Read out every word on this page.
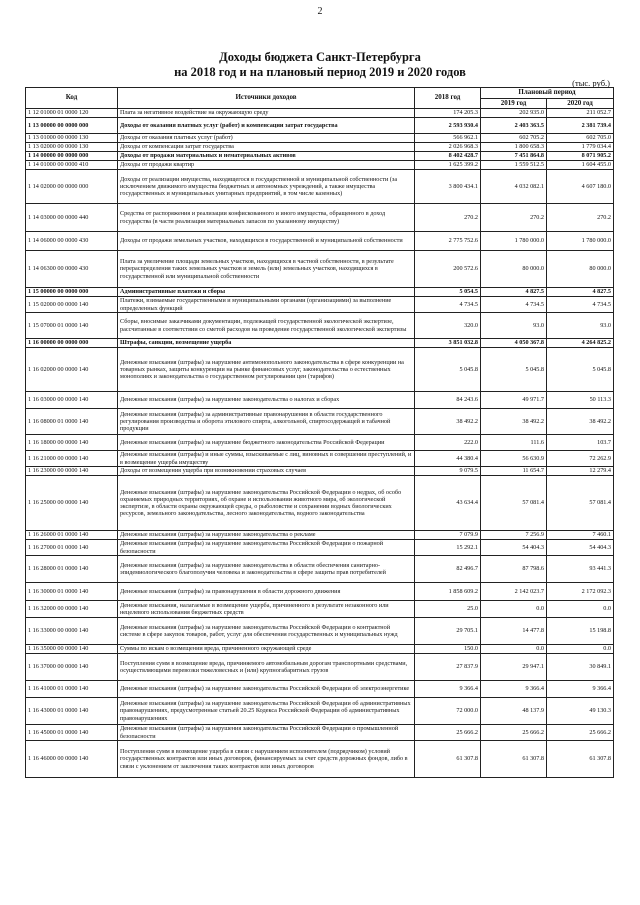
2
Доходы бюджета Санкт-Петербурга
на 2018 год и на плановый период 2019 и 2020 годов
(тыс. руб.)
Код	Источники доходов	2018 год	Плановый период	
			2019 год	2020 год
1 12 01000 01 0000 120	Плата за негативное воздействие на окружающую среду	174 205.3	202 935.0	211 052.7
1 13 00000 00 0000 000	Доходы от оказания платных услуг (работ) и компенсации затрат государства	2 593 930.4	2 403 363.5	2 381 739.4
1 13 01000 00 0000 130	Доходы от оказания платных услуг (работ)	566 962.1	602 705.2	602 705.0
1 13 02000 00 0000 130	Доходы от компенсации затрат государства	2 026 968.3	1 800 658.3	1 779 034.4
1 14 00000 00 0000 000	Доходы от продажи материальных и нематериальных активов	8 402 428.7	7 451 864.8	8 071 905.2
1 14 01000 00 0000 410	Доходы от продажи квартир	1 625 399.2	1 559 512.5	1 604 455.0
1 14 02000 00 0000 000	Доходы от реализации имущества, находящегося в государственной и муниципальной собственности (за исключением движимого имущества бюджетных и автономных учреждений, а также имущества государственных и муниципальных унитарных предприятий, в том числе казенных)	3 800 434.1	4 032 082.1	4 607 180.0
1 14 03000 00 0000 440	Средства от распоряжения и реализации конфискованного и иного имущества, обращенного в доход государства (в части реализации материальных запасов по указанному имуществу)	270.2	270.2	270.2
1 14 06000 00 0000 430	Доходы от продажи земельных участков, находящихся в государственной и муниципальной собственности	2 775 752.6	1 780 000.0	1 780 000.0
1 14 06300 00 0000 430	Плата за увеличение площади земельных участков, находящихся в частной собственности, в результате перераспределения таких земельных участков и земель (или) земельных участков, находящихся в государственной или муниципальной собственности	200 572.6	80 000.0	80 000.0
1 15 00000 00 0000 000	Административные платежи и сборы	5 054.5	4 827.5	4 827.5
1 15 02000 00 0000 140	Платежи, взимаемые государственными и муниципальными органами (организациями) за выполнение определенных функций	4 734.5	4 734.5	4 734.5
1 15 07000 01 0000 140	Сборы, вносимые заказчиками документации, подлежащей государственной экологической экспертизе, рассчитанные в соответствии со сметой расходов на проведение государственной экологической экспертизы	320.0	93.0	93.0
1 16 00000 00 0000 000	Штрафы, санкции, возмещение ущерба	3 851 032.8	4 050 367.8	4 264 825.2
1 16 02000 00 0000 140	Денежные взыскания (штрафы) за нарушение антимонопольного законодательства в сфере конкуренции на товарных рынках, защиты конкуренции на рынке финансовых услуг, законодательства о естественных монополиях и законодательства о государственном регулировании цен (тарифов)	5 045.8	5 045.8	5 045.8
1 16 03000 00 0000 140	Денежные взыскания (штрафы) за нарушение законодательства о налогах и сборах	84 243.6	49 971.7	50 113.3
1 16 08000 01 0000 140	Денежные взыскания (штрафы) за административные правонарушения в области государственного регулирования производства и оборота этилового спирта, алкогольной, спиртосодержащей и табачной продукции	38 492.2	38 492.2	38 492.2
1 16 18000 00 0000 140	Денежные взыскания (штрафы) за нарушение бюджетного законодательства Российской Федерации	222.0	111.6	103.7
1 16 21000 00 0000 140	Денежные взыскания (штрафы) и иные суммы, взыскиваемые с лиц, виновных в совершении преступлений, и в возмещение ущерба имуществу	44 380.4	56 630.9	72 262.9
1 16 23000 00 0000 140	Доходы от возмещения ущерба при возникновении страховых случаев	9 079.5	11 654.7	12 279.4
1 16 25000 00 0000 140	Денежные взыскания (штрафы) за нарушение законодательства Российской Федерации о недрах, об особо охраняемых природных территориях, об охране и использовании животного мира, об экологической экспертизе, в области охраны окружающей среды, о рыболовстве и сохранении водных биологических ресурсов, земельного законодательства, лесного законодательства, водного законодательства	43 634.4	57 081.4	57 081.4
1 16 26000 01 0000 140	Денежные взыскания (штрафы) за нарушение законодательства о рекламе	7 079.9	7 256.9	7 460.1
1 16 27000 01 0000 140	Денежные взыскания (штрафы) за нарушение законодательства Российской Федерации о пожарной безопасности	15 292.1	54 404.3	54 404.3
1 16 28000 01 0000 140	Денежные взыскания (штрафы) за нарушение законодательства в области обеспечения санитарно-эпидемиологического благополучия человека и законодательства в сфере защиты прав потребителей	82 496.7	87 798.6	93 441.3
1 16 30000 01 0000 140	Денежные взыскания (штрафы) за правонарушения в области дорожного движения	1 858 609.2	2 142 023.7	2 172 092.3
1 16 32000 00 0000 140	Денежные взыскания, налагаемые в возмещение ущерба, причиненного в результате незаконного или нецелевого использования бюджетных средств	25.0	0.0	0.0
1 16 33000 00 0000 140	Денежные взыскания (штрафы) за нарушение законодательства Российской Федерации о контрактной системе в сфере закупок товаров, работ, услуг для обеспечения государственных и муниципальных нужд	29 705.1	14 477.8	15 198.8
1 16 35000 00 0000 140	Суммы по искам о возмещении вреда, причиненного окружающей среде	150.0	0.0	0.0
1 16 37000 00 0000 140	Поступления сумм в возмещение вреда, причиняемого автомобильным дорогам транспортными средствами, осуществляющими перевозки тяжеловесных и (или) крупногабаритных грузов	27 837.9	29 947.1	30 849.1
1 16 41000 01 0000 140	Денежные взыскания (штрафы) за нарушение законодательства Российской Федерации об электроэнергетике	9 366.4	9 366.4	9 366.4
1 16 43000 01 0000 140	Денежные взыскания (штрафы) за нарушение законодательства Российской Федерации об административных правонарушениях, предусмотренные статьей 20.25 Кодекса Российской Федерации об административных правонарушениях	72 000.0	48 137.9	49 130.3
1 16 45000 01 0000 140	Денежные взыскания (штрафы) за нарушения законодательства Российской Федерации о промышленной безопасности	25 666.2	25 666.2	25 666.2
1 16 46000 00 0000 140	Поступления сумм в возмещение ущерба в связи с нарушением исполнителем (подрядчиком) условий государственных контрактов или иных договоров, финансируемых за счет средств дорожных фондов, либо в связи с уклонением от заключения таких контрактов или иных договоров	61 307.8	61 307.8	61 307.8
